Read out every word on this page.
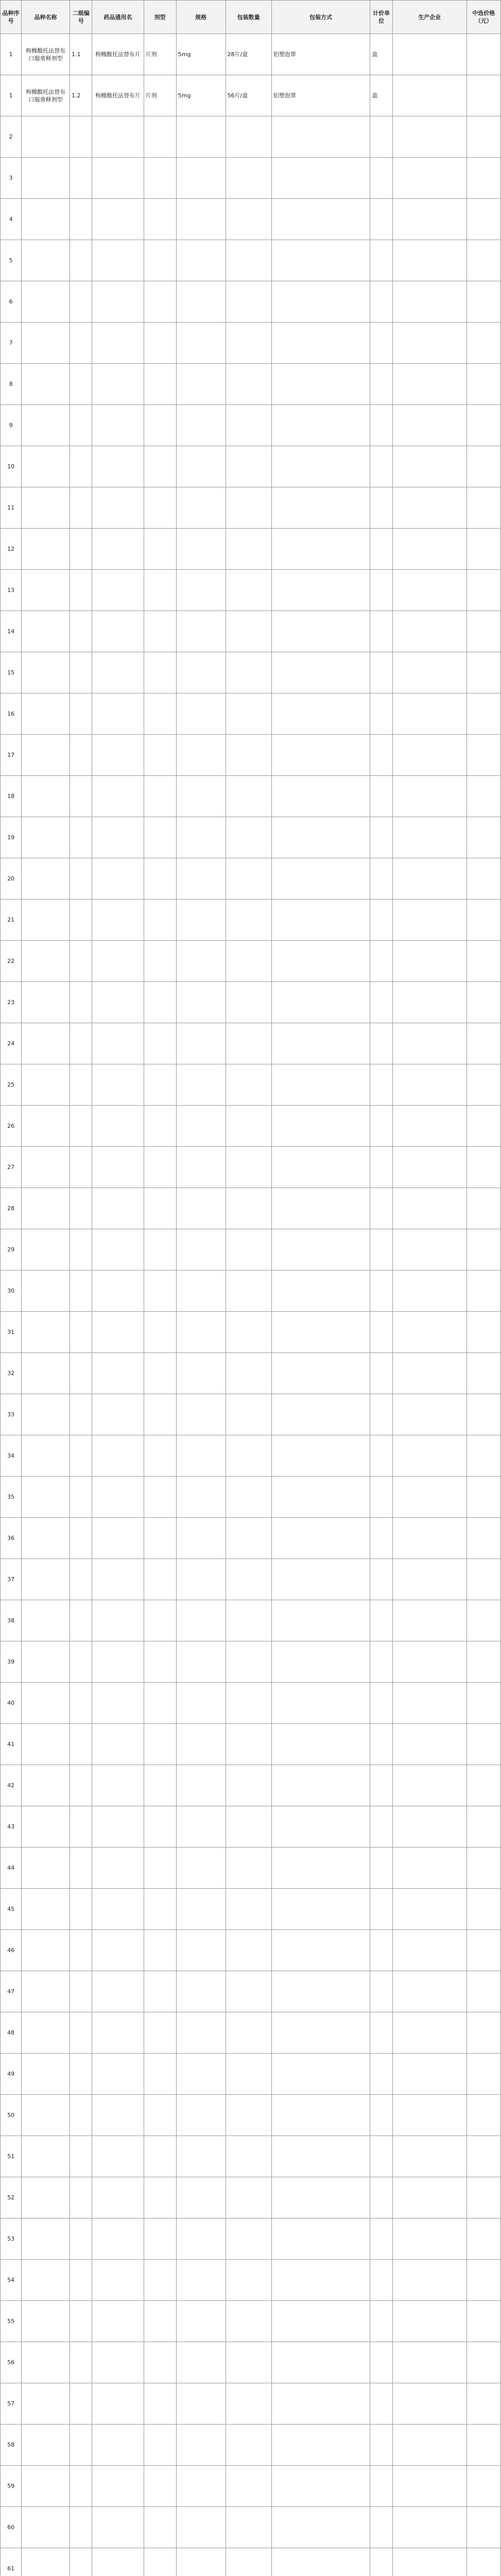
品种序号	品种名称	二级编号	药品通用名	剂型	规格	包装数量	包装方式	计价单位	生产企业	中选价格（元）
1	枸橼酸托法替布口服常释剂型	1.1	枸橼酸托法替布片	片剂	5mg	28片/盒	铝塑泡罩	盒		
1	枸橼酸托法替布口服常释剂型	1.2	枸橼酸托法替布片	片剂	5mg	56片/盒	铝塑泡罩	盒		
2										
3										
4										
5										
6										
7										
8										
9										
10										
11										
12										
13										
14										
15										
16										
17										
18										
19										
20										
21										
22										
23										
24										
25										
26										
27										
28										
29										
30										
31										
32										
33										
34										
35										
36										
37										
38										
39										
40										
41										
42										
43										
44										
45										
46										
47										
48										
49										
50										
51										
52										
53										
54										
55										
56										
57										
58										
59										
60										
61										
